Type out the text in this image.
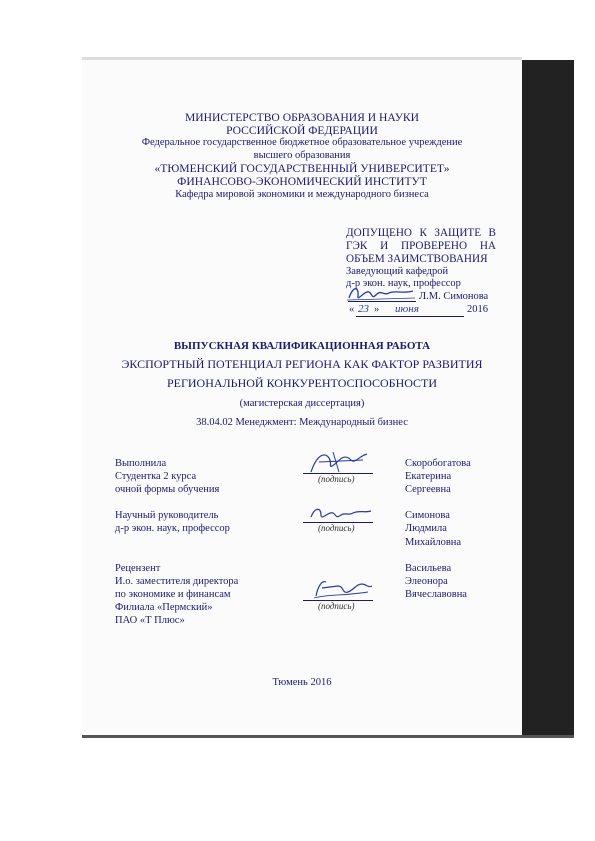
МИНИСТЕРСТВО ОБРАЗОВАНИЯ И НАУКИ
РОССИЙСКОЙ ФЕДЕРАЦИИ
Федеральное государственное бюджетное образовательное учреждение
высшего образования
«ТЮМЕНСКИЙ ГОСУДАРСТВЕННЫЙ УНИВЕРСИТЕТ»
ФИНАНСОВО-ЭКОНОМИЧЕСКИЙ ИНСТИТУТ
Кафедра мировой экономики и международного бизнеса
ДОПУЩЕНО К ЗАЩИТЕ В
ГЭК И ПРОВЕРЕНО НА
ОБЪЕМ ЗАИМСТВОВАНИЯ
Заведующий кафедрой
д-р экон. наук, профессор
Л.М. Симонова
« 23 » июня	2016
ВЫПУСКНАЯ КВАЛИФИКАЦИОННАЯ РАБОТА
ЭКСПОРТНЫЙ ПОТЕНЦИАЛ РЕГИОНА КАК ФАКТОР РАЗВИТИЯ
РЕГИОНАЛЬНОЙ КОНКУРЕНТОСПОСОБНОСТИ
(магистерская диссертация)
38.04.02 Менеджмент: Международный бизнес
Выполнила
Студентка 2 курса
очной формы обучения
(подпись)
Скоробогатова
Екатерина
Сергеевна
Научный руководитель
д-р экон. наук, профессор	(подпись)
Симонова
Людмила
Михайловна
Рецензент
И.о. заместителя директора
по экономике и финансам
Филиала «Пермский»
ПАО «Т Плюс»
(подпись)
Васильева
Элеонора
Вячеславовна
Тюмень 2016
